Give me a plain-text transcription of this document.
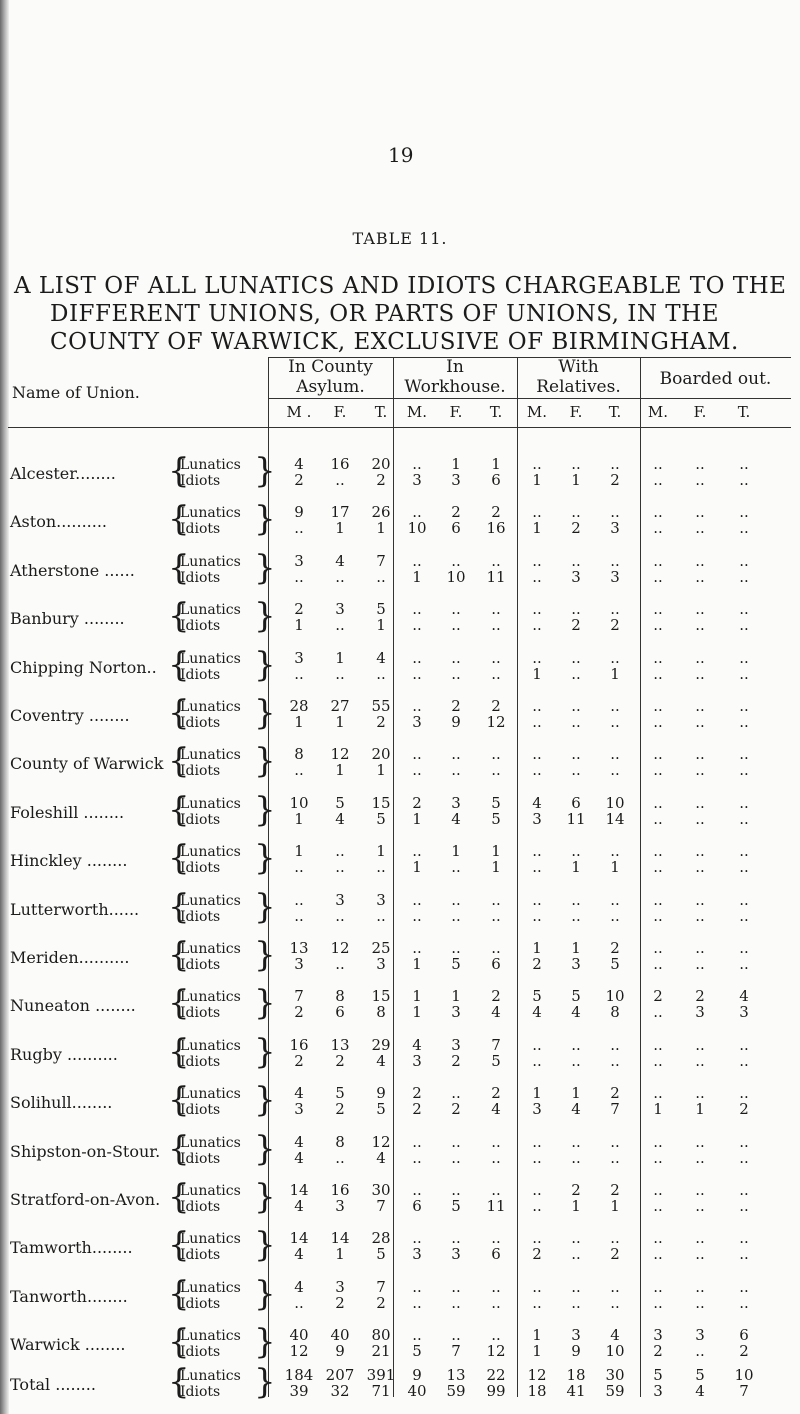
19
TABLE 11.
A LIST OF ALL LUNATICS AND IDIOTS CHARGEABLE TO THE
DIFFERENT UNIONS, OR PARTS OF UNIONS, IN THE
COUNTY OF WARWICK, EXCLUSIVE OF BIRMINGHAM.
Name of Union.
In County
Asylum.
In
Workhouse.
With
Relatives.	Boarded out.
M .	F.	T.	M.	F.	T.	M.	F.	T.	M.	F.	T.
Alcester........ { }
Lunatics	4	16	20	..	1	1	..	..	..	..	..	..
Idiots	2	..	2	3	3	6	1	1	2	..	..	..
Aston.......... { }
Lunatics	9	17	26	..	2	2	..	..	..	..	..	..
Idiots	..	1	1	10	6	16	1	2	3	..	..	..
Atherstone ...... { }
Lunatics	3	4	7	..	..	..	..	..	..	..	..	..
Idiots	..	..	..	1	10	11	..	3	3	..	..	..
Banbury ........ { }
Lunatics	2	3	5	..	..	..	..	..	..	..	..	..
Idiots	1	..	1	..	..	..	..	2	2	..	..	..
Chipping Norton.. { }
Lunatics	3	1	4	..	..	..	..	..	..	..	..	..
Idiots	..	..	..	..	..	..	1	..	1	..	..	..
Coventry ........ { }
Lunatics	28	27	55	..	2	2	..	..	..	..	..	..
Idiots	1	1	2	3	9	12	..	..	..	..	..	..
County of Warwick { }
Lunatics	8	12	20	..	..	..	..	..	..	..	..	..
Idiots	..	1	1	..	..	..	..	..	..	..	..	..
Foleshill ........ { }
Lunatics	10	5	15	2	3	5	4	6	10	..	..	..
Idiots	1	4	5	1	4	5	3	11	14	..	..	..
Hinckley ........ { }
Lunatics	1	..	1	..	1	1	..	..	..	..	..	..
Idiots	..	..	..	1	..	1	..	1	1	..	..	..
Lutterworth...... { }
Lunatics	..	3	3	..	..	..	..	..	..	..	..	..
Idiots	..	..	..	..	..	..	..	..	..	..	..	..
Meriden.......... { }
Lunatics	13	12	25	..	..	..	1	1	2	..	..	..
Idiots	3	..	3	1	5	6	2	3	5	..	..	..
Nuneaton ........ { }
Lunatics	7	8	15	1	1	2	5	5	10	2	2	4
Idiots	2	6	8	1	3	4	4	4	8	..	3	3
Rugby .......... { }
Lunatics	16	13	29	4	3	7	..	..	..	..	..	..
Idiots	2	2	4	3	2	5	..	..	..	..	..	..
Solihull........ { }
Lunatics	4	5	9	2	..	2	1	1	2	..	..	..
Idiots	3	2	5	2	2	4	3	4	7	1	1	2
Shipston-on-Stour. { }
Lunatics	4	8	12	..	..	..	..	..	..	..	..	..
Idiots	4	..	4	..	..	..	..	..	..	..	..	..
Stratford-on-Avon. { }
Lunatics	14	16	30	..	..	..	..	2	2	..	..	..
Idiots	4	3	7	6	5	11	..	1	1	..	..	..
Tamworth........ { }
Lunatics	14	14	28	..	..	..	..	..	..	..	..	..
Idiots	4	1	5	3	3	6	2	..	2	..	..	..
Tanworth........ { }
Lunatics	4	3	7	..	..	..	..	..	..	..	..	..
Idiots	..	2	2	..	..	..	..	..	..	..	..	..
Warwick ........ { }
Lunatics	40	40	80	..	..	..	1	3	4	3	3	6
Idiots	12	9	21	5	7	12	1	9	10	2	..	2
Total ........ { }
Lunatics	184 207 391	9	13	22	12	18	30	5	5	10
Idiots	39	32	71	40	59	99	18	41	59	3	4	7
